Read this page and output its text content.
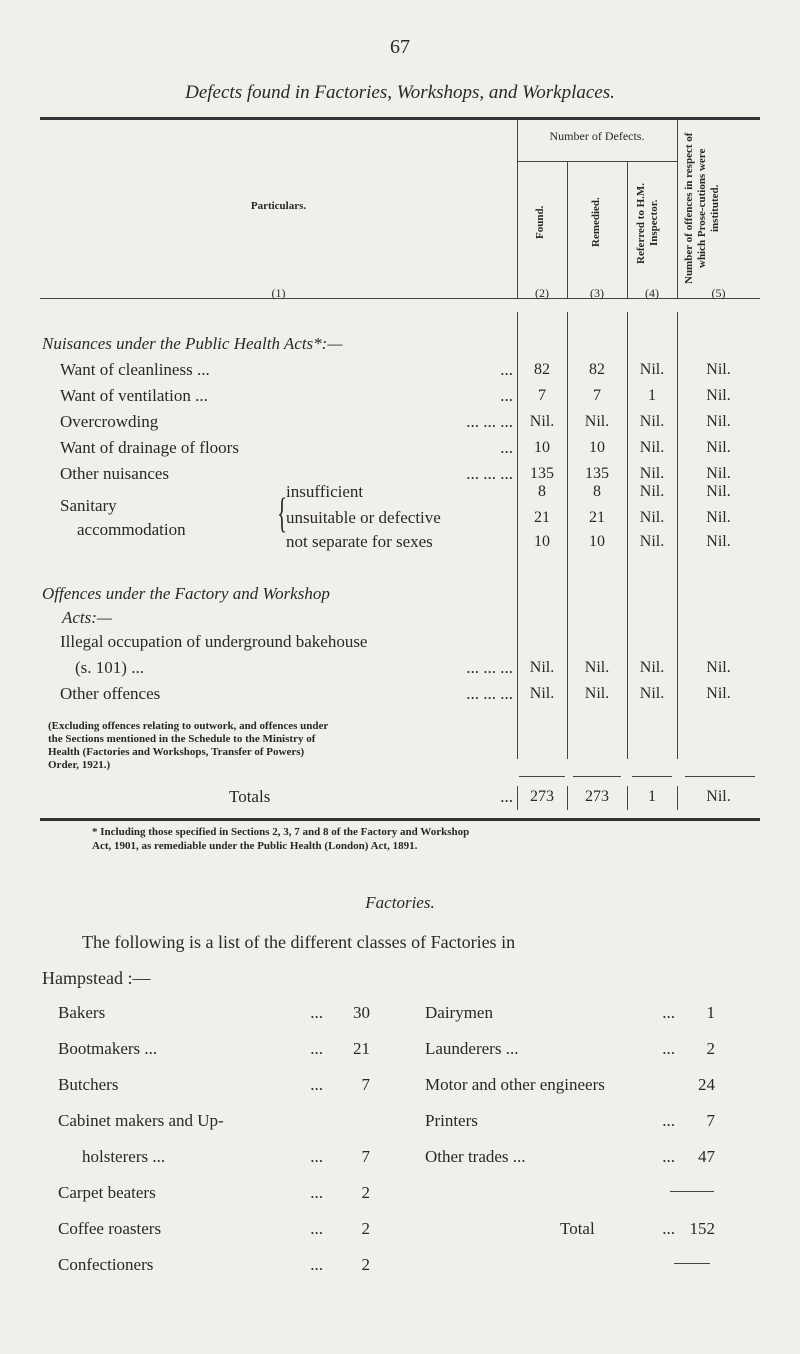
67
Defects found in Factories, Workshops, and Workplaces.
Particulars.
Number of Defects.
Found.	Remedied.	Referred to H.M. Inspector.	Number of offences in respect of which Prose-cutions were instituted.
(1)	(2)	(3)	(4)	(5)
Nuisances under the Public Health Acts*:—
Want of cleanliness ...	...	82	82	Nil.	Nil.
Want of ventilation ...	...	7	7	1	Nil.
Overcrowding	... ... ...	Nil.	Nil.	Nil.	Nil.
Want of drainage of floors	...	10	10	Nil.	Nil.
Other nuisances	... ... ...	135	135	Nil.	Nil.
Sanitary
accommodation {
insufficient	8	8	Nil.	Nil.
unsuitable or defective	21	21	Nil.	Nil.
not separate for sexes	10	10	Nil.	Nil.
Offences under the Factory and Workshop
Acts:—
Illegal occupation of underground bakehouse
(s. 101) ...	... ... ...	Nil.	Nil.	Nil.	Nil.
Other offences	... ... ...	Nil.	Nil.	Nil.	Nil.
(Excluding offences relating to outwork, and offences under
the Sections mentioned in the Schedule to the Ministry of
Health (Factories and Workshops, Transfer of Powers)
Order, 1921.)
Totals	...	273	273	1	Nil.
* Including those specified in Sections 2, 3, 7 and 8 of the Factory and Workshop
Act, 1901, as remediable under the Public Health (London) Act, 1891.
Factories.
The following is a list of the different classes of Factories in
Hampstead :—
Bakers	...	30
Bootmakers ...	...	21
Butchers	...	7
Cabinet makers and Up-
holsterers ...	...	7
Carpet beaters	...	2
Coffee roasters	...	2
Confectioners	...	2
Dairymen	...	1
Launderers ...	...	2
Motor and other engineers	24
Printers	...	7
Other trades ...	...	47
Total	... 152
